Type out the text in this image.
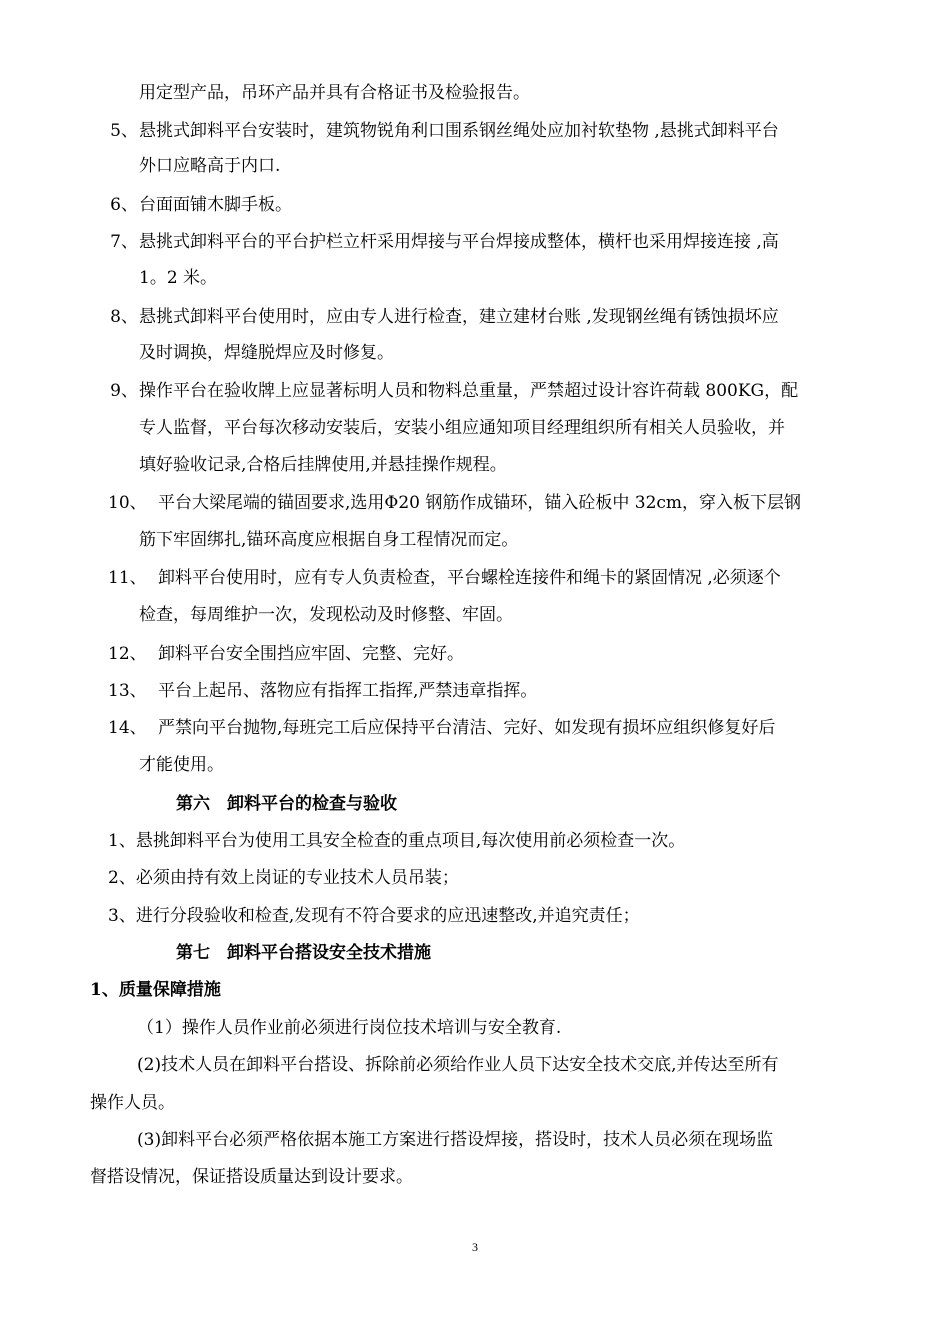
用定型产品，吊环产品并具有合格证书及检验报告。
5、 悬挑式卸料平台安装时，建筑物锐角利口围系钢丝绳处应加衬软垫物 ,悬挑式卸料平台
外口应略高于内口.
6、 台面面铺木脚手板。
7、 悬挑式卸料平台的平台护栏立杆采用焊接与平台焊接成整体，横杆也采用焊接连接 ,高
1。2 米。
8、 悬挑式卸料平台使用时，应由专人进行检查，建立建材台账 ,发现钢丝绳有锈蚀损坏应
及时调换，焊缝脱焊应及时修复。
9、 操作平台在验收牌上应显著标明人员和物料总重量，严禁超过设计容许荷载 800KG，配
专人监督，平台每次移动安装后，安装小组应通知项目经理组织所有相关人员验收，并
填好验收记录,合格后挂牌使用,并悬挂操作规程。
10、 平台大梁尾端的锚固要求,选用Φ20 钢筋作成锚环，锚入砼板中 32cm，穿入板下层钢
筋下牢固绑扎,锚环高度应根据自身工程情况而定。
11、 卸料平台使用时，应有专人负责检查，平台螺栓连接件和绳卡的紧固情况 ,必须逐个
检查，每周维护一次，发现松动及时修整、牢固。
12、 卸料平台安全围挡应牢固、完整、完好。
13、 平台上起吊、落物应有指挥工指挥,严禁违章指挥。
14、 严禁向平台抛物,每班完工后应保持平台清洁、完好、如发现有损坏应组织修复好后
才能使用。
第六　卸料平台的检查与验收
1、悬挑卸料平台为使用工具安全检查的重点项目,每次使用前必须检查一次。
2、必须由持有效上岗证的专业技术人员吊装；
3、进行分段验收和检查,发现有不符合要求的应迅速整改,并追究责任；
第七　卸料平台搭设安全技术措施
1、质量保障措施
（1）操作人员作业前必须进行岗位技术培训与安全教育.
(2)技术人员在卸料平台搭设、拆除前必须给作业人员下达安全技术交底,并传达至所有
操作人员。
(3)卸料平台必须严格依据本施工方案进行搭设焊接，搭设时，技术人员必须在现场监
督搭设情况，保证搭设质量达到设计要求。
3
